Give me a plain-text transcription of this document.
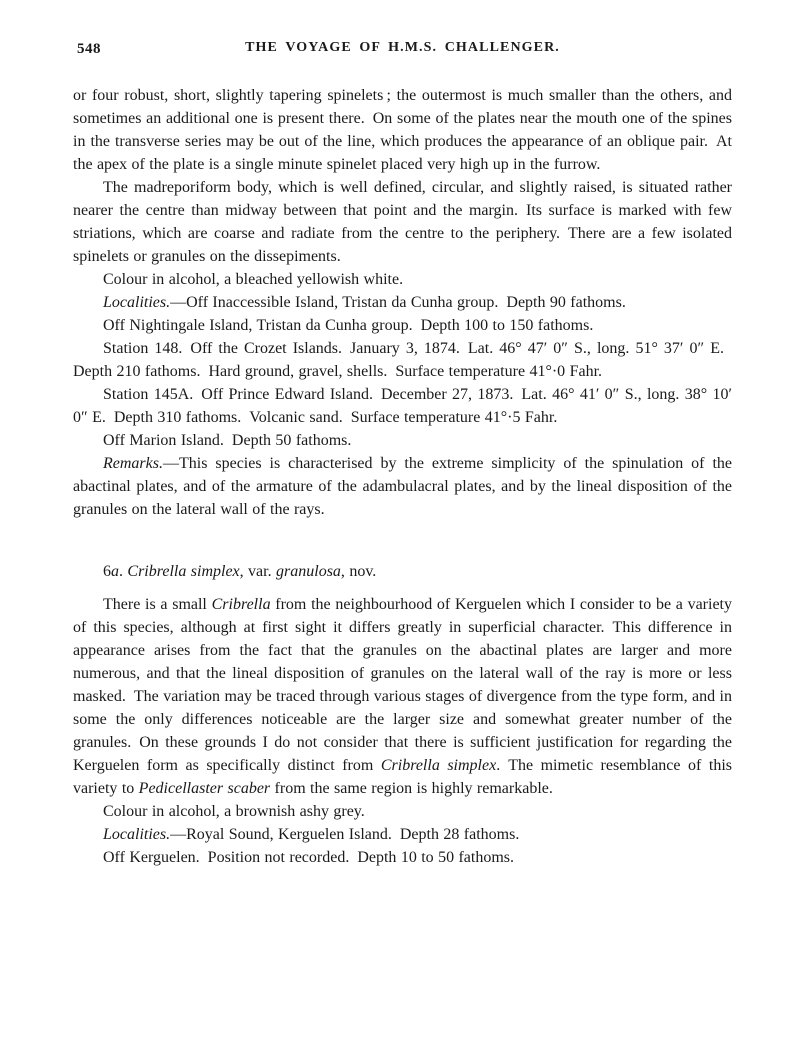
548	THE VOYAGE OF H.M.S. CHALLENGER.

or four robust, short, slightly tapering spinelets ; the outermost is much smaller than the others, and sometimes an additional one is present there. On some of the plates near the mouth one of the spines in the transverse series may be out of the line, which produces the appearance of an oblique pair. At the apex of the plate is a single minute spinelet placed very high up in the furrow.

The madreporiform body, which is well defined, circular, and slightly raised, is situated rather nearer the centre than midway between that point and the margin. Its surface is marked with few striations, which are coarse and radiate from the centre to the periphery. There are a few isolated spinelets or granules on the dissepiments.

Colour in alcohol, a bleached yellowish white.

Localities.—Off Inaccessible Island, Tristan da Cunha group. Depth 90 fathoms.

Off Nightingale Island, Tristan da Cunha group. Depth 100 to 150 fathoms.

Station 148. Off the Crozet Islands. January 3, 1874. Lat. 46° 47′ 0″ S., long. 51° 37′ 0″ E. Depth 210 fathoms. Hard ground, gravel, shells. Surface temperature 41°·0 Fahr.

Station 145A. Off Prince Edward Island. December 27, 1873. Lat. 46° 41′ 0″ S., long. 38° 10′ 0″ E. Depth 310 fathoms. Volcanic sand. Surface temperature 41°·5 Fahr.

Off Marion Island. Depth 50 fathoms.

Remarks.—This species is characterised by the extreme simplicity of the spinulation of the abactinal plates, and of the armature of the adambulacral plates, and by the lineal disposition of the granules on the lateral wall of the rays.

6a. Cribrella simplex, var. granulosa, nov.

There is a small Cribrella from the neighbourhood of Kerguelen which I consider to be a variety of this species, although at first sight it differs greatly in superficial character. This difference in appearance arises from the fact that the granules on the abactinal plates are larger and more numerous, and that the lineal disposition of granules on the lateral wall of the ray is more or less masked. The variation may be traced through various stages of divergence from the type form, and in some the only differences noticeable are the larger size and somewhat greater number of the granules. On these grounds I do not consider that there is sufficient justification for regarding the Kerguelen form as specifically distinct from Cribrella simplex. The mimetic resemblance of this variety to Pedicellaster scaber from the same region is highly remarkable.

Colour in alcohol, a brownish ashy grey.

Localities.—Royal Sound, Kerguelen Island. Depth 28 fathoms.

Off Kerguelen. Position not recorded. Depth 10 to 50 fathoms.
